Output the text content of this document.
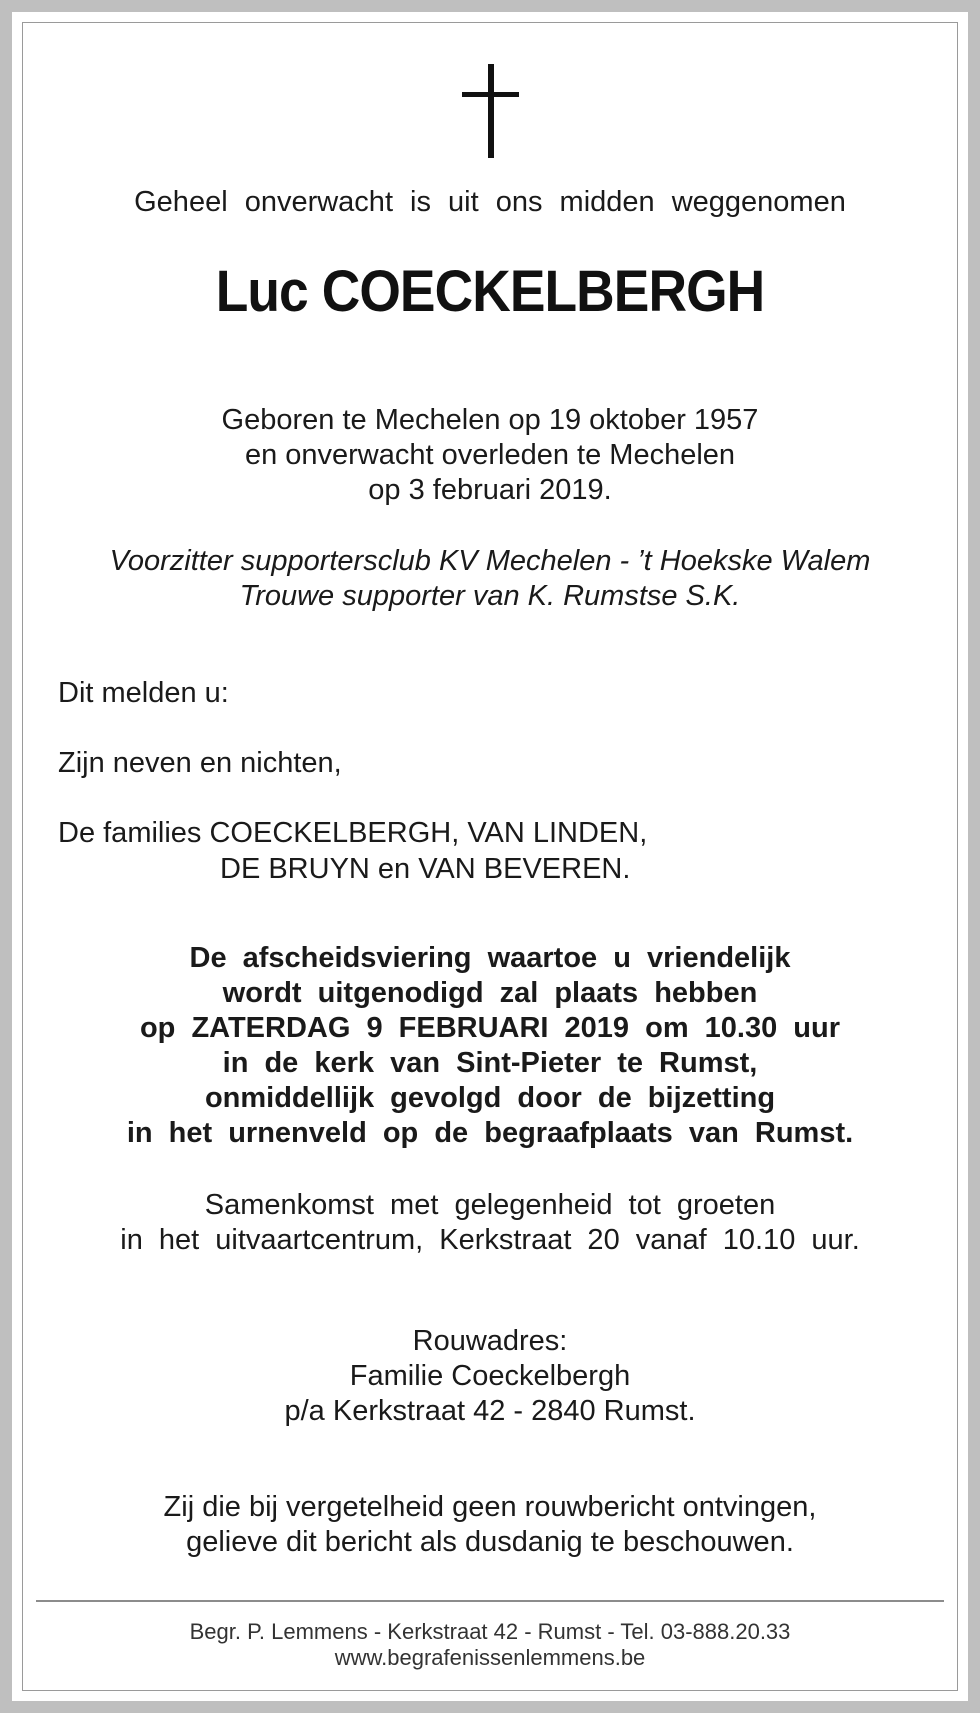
Geheel onverwacht is uit ons midden weggenomen

Luc COECKELBERGH

Geboren te Mechelen op 19 oktober 1957

en onverwacht overleden te Mechelen

op 3 februari 2019.

Voorzitter supportersclub KV Mechelen - ’t Hoekske Walem

Trouwe supporter van K. Rumstse S.K.

Dit melden u:

Zijn neven en nichten,

De families COECKELBERGH, VAN LINDEN,

DE BRUYN en VAN BEVEREN.

De afscheidsviering waartoe u vriendelijk

wordt uitgenodigd zal plaats hebben

op ZATERDAG 9 FEBRUARI 2019 om 10.30 uur

in de kerk van Sint-Pieter te Rumst,

onmiddellijk gevolgd door de bijzetting

in het urnenveld op de begraafplaats van Rumst.

Samenkomst met gelegenheid tot groeten

in het uitvaartcentrum, Kerkstraat 20 vanaf 10.10 uur.

Rouwadres:

Familie Coeckelbergh

p/a Kerkstraat 42 - 2840 Rumst.

Zij die bij vergetelheid geen rouwbericht ontvingen,

gelieve dit bericht als dusdanig te beschouwen.

Begr. P. Lemmens - Kerkstraat 42 - Rumst - Tel. 03-888.20.33

www.begrafenissenlemmens.be
